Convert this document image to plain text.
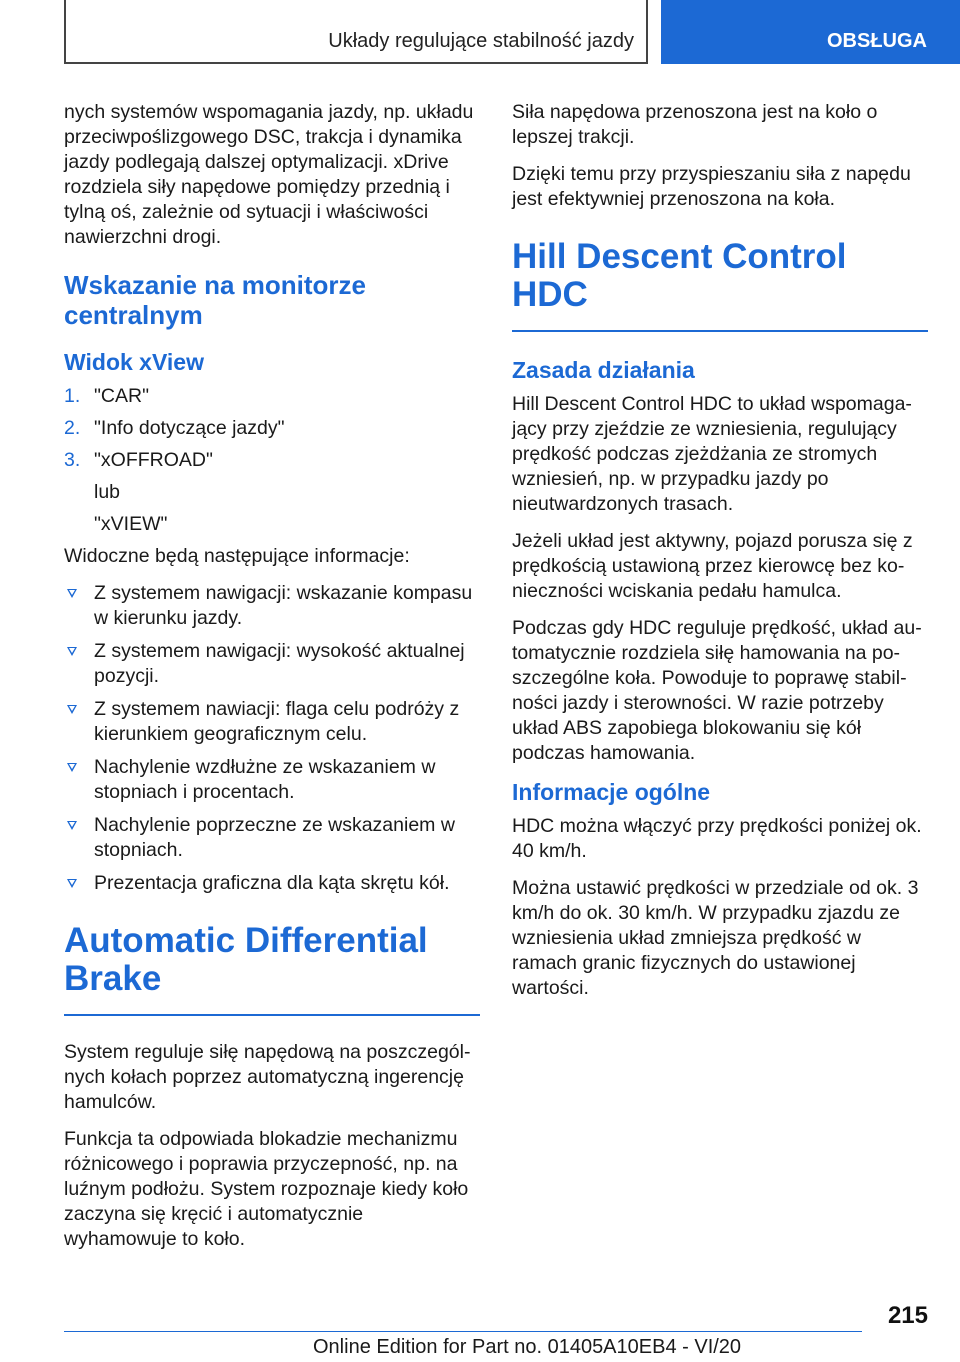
Układy regulujące stabilność jazdy	OBSŁUGA

nych systemów wspomagania jazdy, np. układu przeciwpoślizgowego DSC, trakcja i dynamika jazdy podlegają dalszej optymalizacji. xDrive rozdziela siły napędowe pomiędzy przednią i tylną oś, zależnie od sytuacji i właściwości nawierzchni drogi.

Wskazanie na monitorze centralnym
Widok xView
1. "CAR"
2. "Info dotyczące jazdy"
3. "xOFFROAD"
lub
"xVIEW"

Widoczne będą następujące informacje:

Z systemem nawigacji: wskazanie kompasu w kierunku jazdy.
Z systemem nawigacji: wysokość aktualnej pozycji.
Z systemem nawiacji: flaga celu podróży z kierunkiem geograficznym celu.
Nachylenie wzdłużne ze wskazaniem w stopniach i procentach.
Nachylenie poprzeczne ze wskazaniem w stopniach.
Prezentacja graficzna dla kąta skrętu kół.
Automatic Differential Brake

System reguluje siłę napędową na poszczególnych kołach poprzez automatyczną ingerencję hamulców.

Funkcja ta odpowiada blokadzie mechanizmu różnicowego i poprawia przyczepność, np. na luźnym podłożu. System rozpoznaje kiedy koło zaczyna się kręcić i automatycznie wyhamowuje to koło.

Siła napędowa przenoszona jest na koło o lepszej trakcji.

Dzięki temu przy przyspieszaniu siła z napędu jest efektywniej przenoszona na koła.

Hill Descent Control HDC
Zasada działania

Hill Descent Control HDC to układ wspomagający przy zjeździe ze wzniesienia, regulujący prędkość podczas zjeżdżania ze stromych wzniesień, np. w przypadku jazdy po nieutwardzonych trasach.

Jeżeli układ jest aktywny, pojazd porusza się z prędkością ustawioną przez kierowcę bez konieczności wciskania pedału hamulca.

Podczas gdy HDC reguluje prędkość, układ automatycznie rozdziela siłę hamowania na poszczególne koła. Powoduje to poprawę stabilności jazdy i sterowności. W razie potrzeby układ ABS zapobiega blokowaniu się kół podczas hamowania.

Informacje ogólne

HDC można włączyć przy prędkości poniżej ok. 40 km/h.

Można ustawić prędkości w przedziale od ok. 3 km/h do ok. 30 km/h. W przypadku zjazdu ze wzniesienia układ zmniejsza prędkość w ramach granic fizycznych do ustawionej wartości.

215
Online Edition for Part no. 01405A10EB4 - VI/20
